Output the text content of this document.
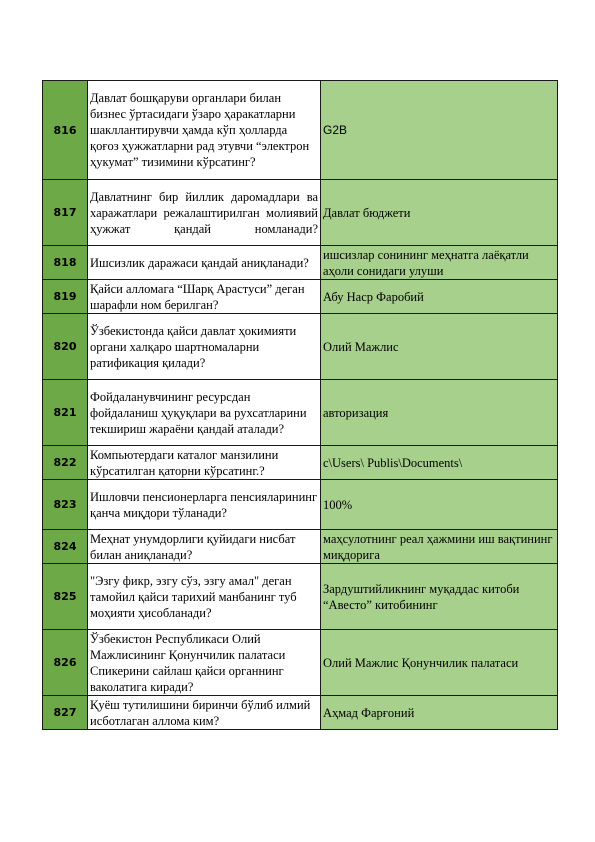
816	Давлат бошқаруви органлари билан бизнес ўртасидаги ўзаро ҳаракатларни шакллантирувчи ҳамда кўп ҳолларда қоғоз ҳужжатларни рад этувчи “электрон ҳукумат” тизимини кўрсатинг?	G2B
817	Давлатнинг бир йиллик даромадлари ва харажатлари режалаштирилган молиявий ҳужжат қандай номланади?	Давлат бюджети
818	Ишсизлик даражаси қандай аниқланади?	ишсизлар сонининг меҳнатга лаёқатли аҳоли сонидаги улуши
819	Қайси алломага “Шарқ Арастуси” деган шарафли ном берилган?	Абу Наср Фаробий
820	Ўзбекистонда қайси давлат ҳокимияти органи халқаро шартномаларни ратификация қилади?	Олий Мажлис
821	Фойдаланувчининг ресурсдан фойдаланиш ҳуқуқлари ва рухсатларини текшириш жараёни қандай аталади?	авторизация
822	Компьютердаги каталог манзилини кўрсатилган қаторни кўрсатинг.?	c\Users\ Publis\Documents\
823	Ишловчи пенсионерларга пенсияларининг қанча миқдори тўланади?	100%
824	Меҳнат унумдорлиги қуйидаги нисбат билан аниқланади?	маҳсулотнинг реал ҳажмини иш вақтининг миқдорига
825	"Эзгу фикр, эзгу сўз, эзгу амал" деган тамойил қайси тарихий манбанинг туб моҳияти ҳисобланади?	Зардуштийликнинг муқаддас китоби “Авесто” китобининг
826	Ўзбекистон Республикаси Олий Мажлисининг Қонунчилик палатаси Спикерини сайлаш қайси органнинг ваколатига киради?	Олий Мажлис Қонунчилик палатаси
827	Қуёш тутилишини биринчи бўлиб илмий исботлаган аллома ким?	Аҳмад Фарғоний
